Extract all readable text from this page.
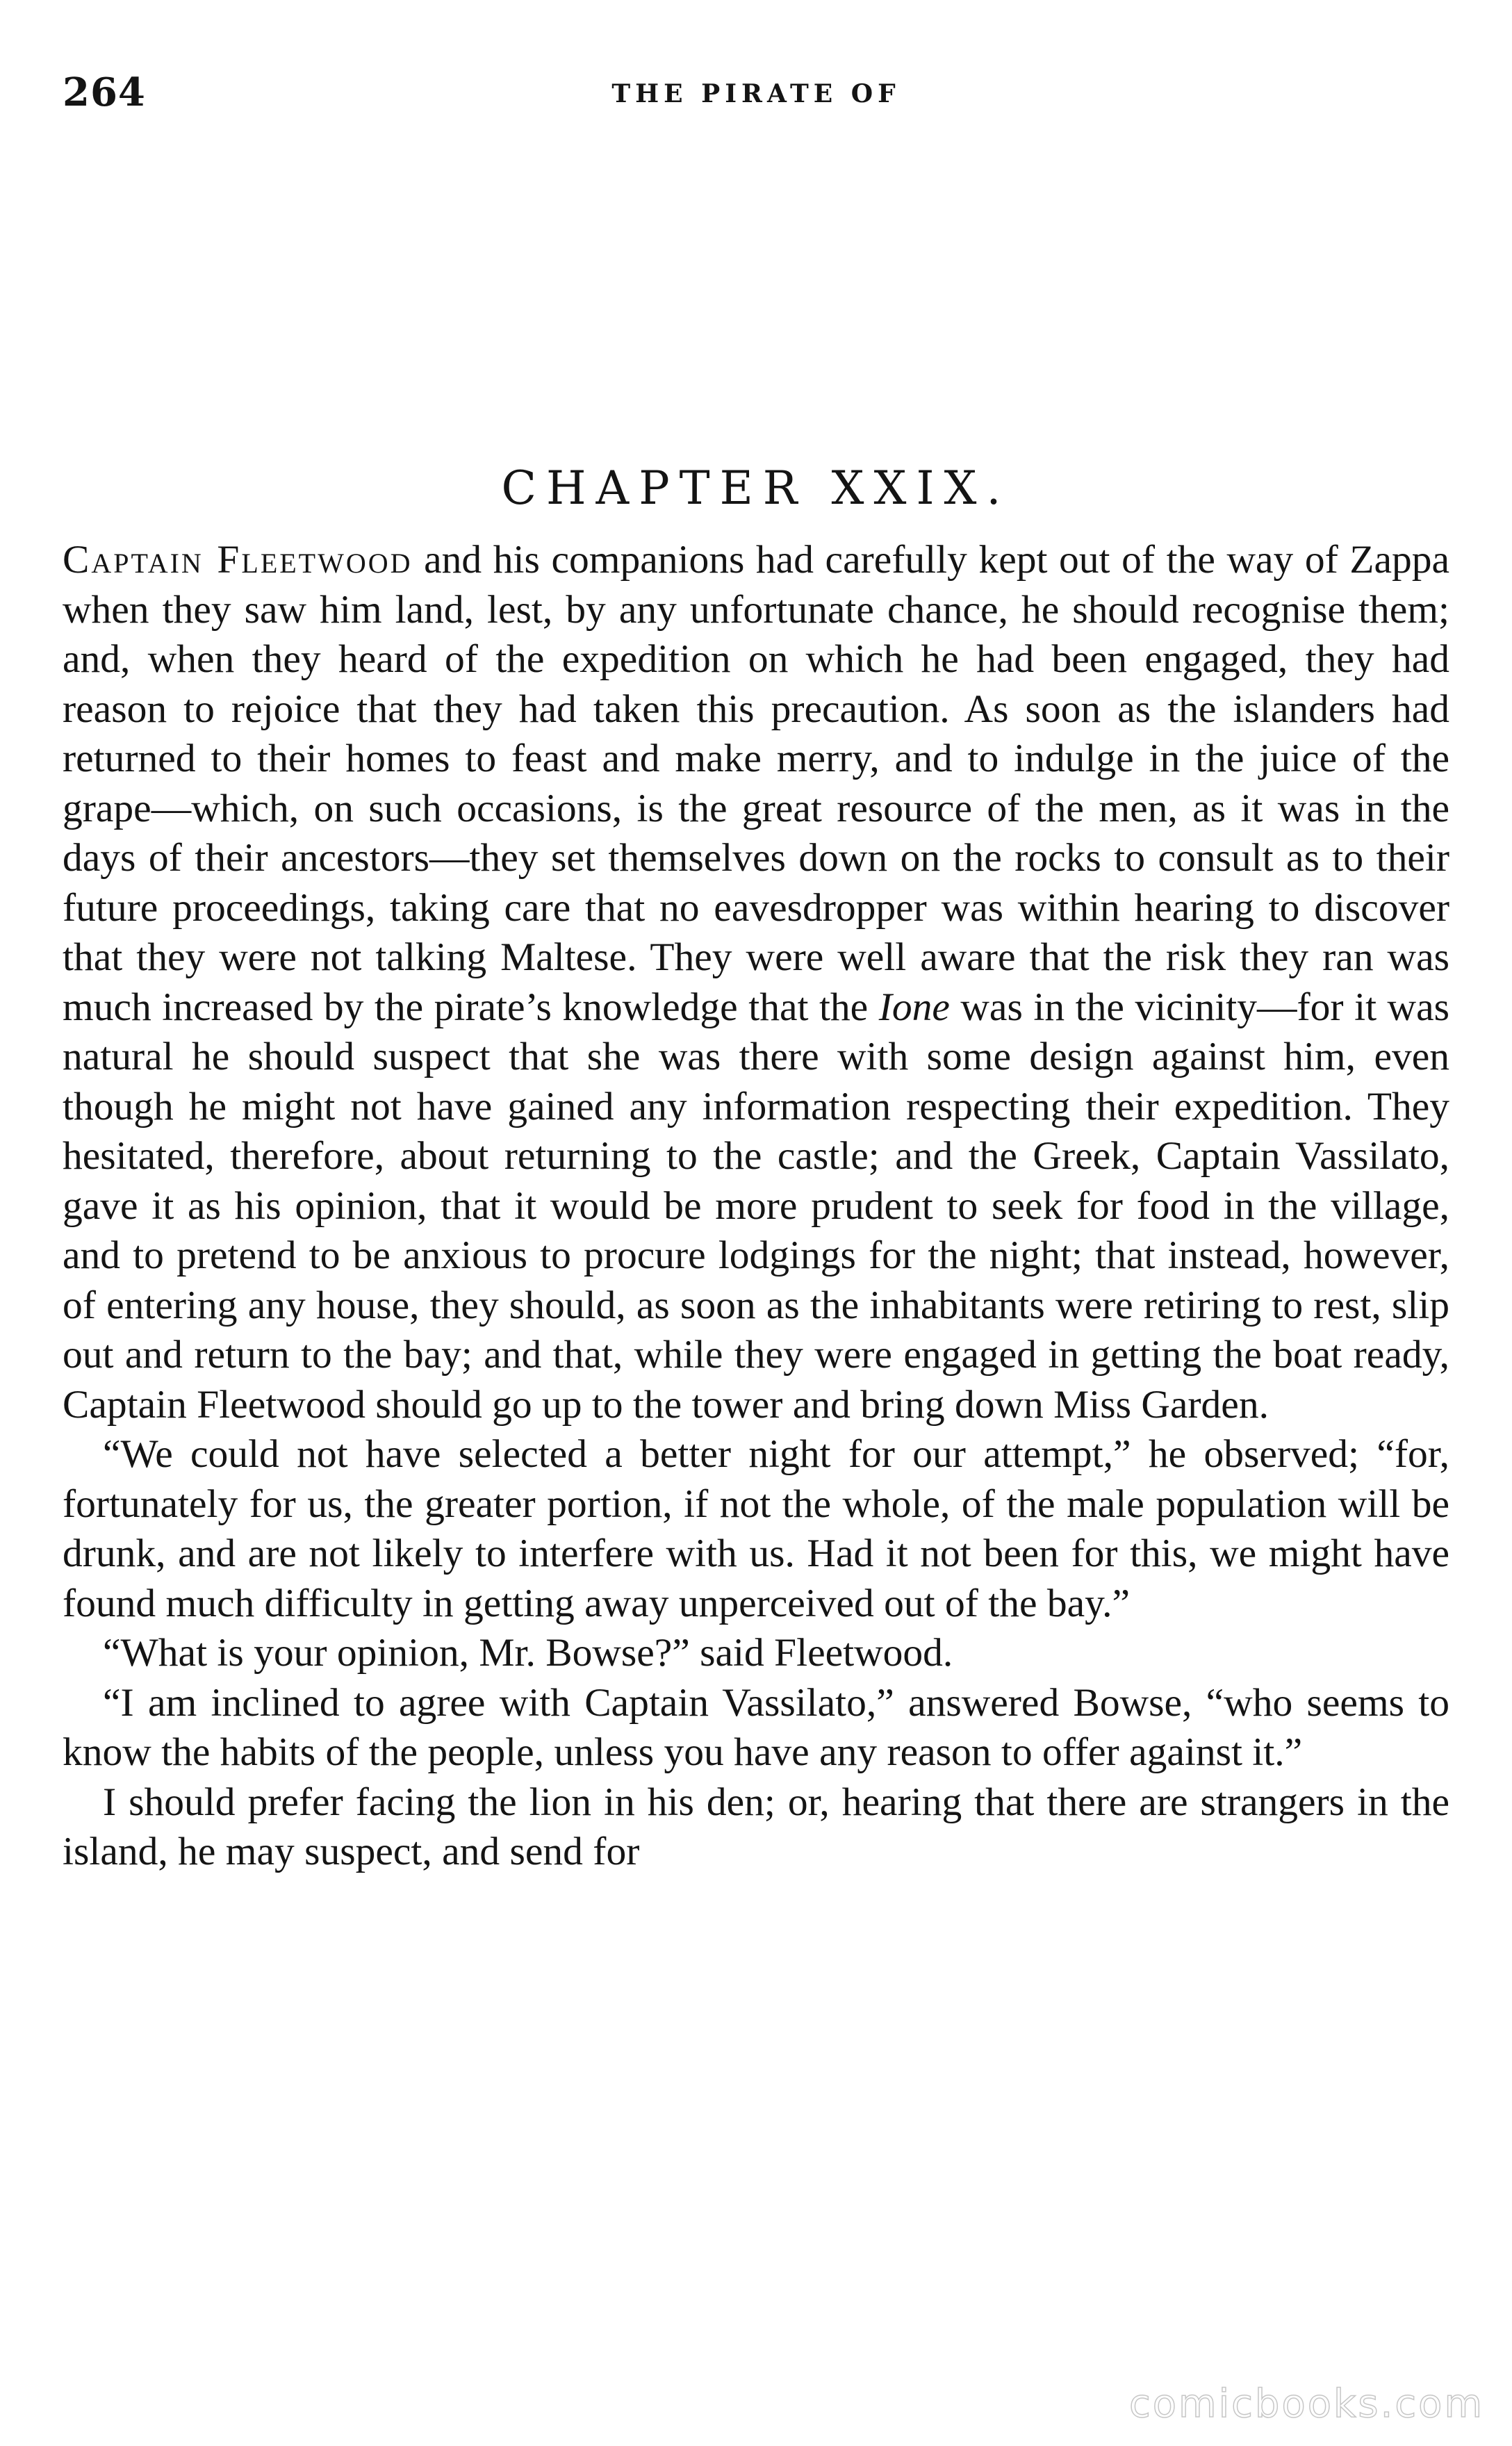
264	THE PIRATE OF
CHAPTER XXIX.

Captain Fleetwood and his companions had carefully kept out of the way of Zappa when they saw him land, lest, by any unfortunate chance, he should recognise them; and, when they heard of the expedition on which he had been engaged, they had reason to rejoice that they had taken this precaution. As soon as the islanders had returned to their homes to feast and make merry, and to indulge in the juice of the grape—which, on such occasions, is the great resource of the men, as it was in the days of their ancestors—they set themselves down on the rocks to consult as to their future proceedings, taking care that no eavesdropper was within hearing to discover that they were not talking Maltese. They were well aware that the risk they ran was much increased by the pirate’s knowledge that the Ione was in the vicinity—for it was natural he should suspect that she was there with some design against him, even though he might not have gained any information respecting their expedition. They hesitated, therefore, about returning to the castle; and the Greek, Captain Vassilato, gave it as his opinion, that it would be more prudent to seek for food in the village, and to pretend to be anxious to procure lodgings for the night; that instead, however, of entering any house, they should, as soon as the inhabitants were retiring to rest, slip out and return to the bay; and that, while they were engaged in getting the boat ready, Captain Fleetwood should go up to the tower and bring down Miss Garden.

“We could not have selected a better night for our attempt,” he observed; “for, fortunately for us, the greater portion, if not the whole, of the male population will be drunk, and are not likely to interfere with us. Had it not been for this, we might have found much difficulty in getting away unperceived out of the bay.”

“What is your opinion, Mr. Bowse?” said Fleetwood.

“I am inclined to agree with Captain Vassilato,” answered Bowse, “who seems to know the habits of the people, unless you have any reason to offer against it.”

I should prefer facing the lion in his den; or, hearing that there are strangers in the island, he may suspect, and send for

comicbooks.com
